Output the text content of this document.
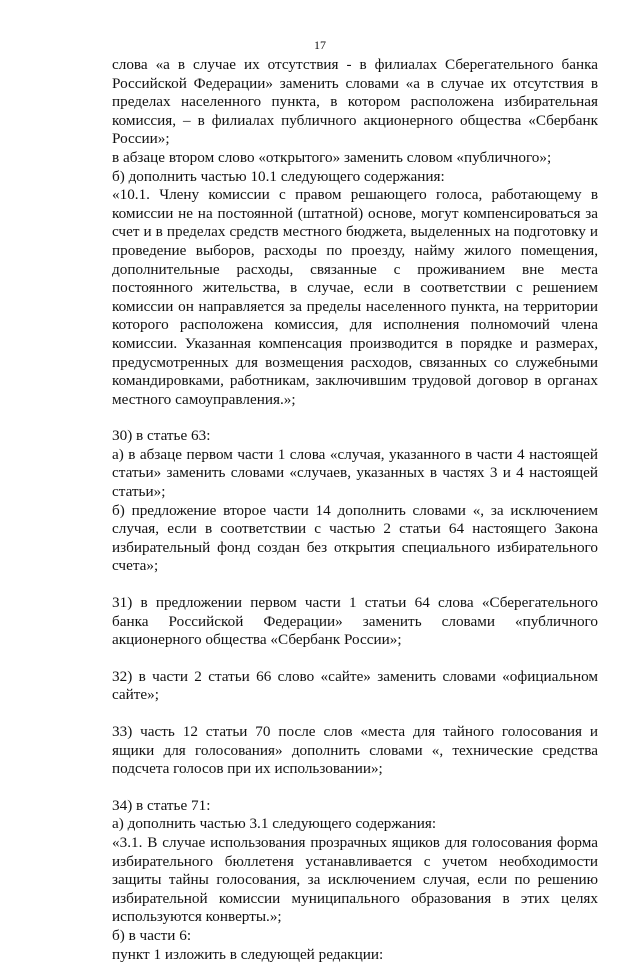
17

слова «а в случае их отсутствия - в филиалах Сберегательного банка Российской Федерации» заменить словами «а в случае их отсутствия в пределах населенного пункта, в котором расположена избирательная комиссия, – в филиалах публичного акционерного общества «Сбербанк России»;

в абзаце втором слово «открытого» заменить словом «публичного»;

б) дополнить частью 10.1 следующего содержания:

«10.1. Члену комиссии с правом решающего голоса, работающему в комиссии не на постоянной (штатной) основе, могут компенсироваться за счет и в пределах средств местного бюджета, выделенных на подготовку и проведение выборов, расходы по проезду, найму жилого помещения, дополнительные расходы, связанные с проживанием вне места постоянного жительства, в случае, если в соответствии с решением комиссии он направляется за пределы населенного пункта, на территории которого расположена комиссия, для исполнения полномочий члена комиссии. Указанная компенсация производится в порядке и размерах, предусмотренных для возмещения расходов, связанных со служебными командировками, работникам, заключившим трудовой договор в органах местного самоуправления.»;

30) в статье 63:

а) в абзаце первом части 1 слова «случая, указанного в части 4 настоящей статьи» заменить словами «случаев, указанных в частях 3 и 4 настоящей статьи»;

б) предложение второе части 14 дополнить словами «, за исключением случая, если в соответствии с частью 2 статьи 64 настоящего Закона избирательный фонд создан без открытия специального избирательного счета»;

31) в предложении первом части 1 статьи 64 слова «Сберегательного банка Российской Федерации» заменить словами «публичного акционерного общества «Сбербанк России»;

32) в части 2 статьи 66 слово «сайте» заменить словами «официальном сайте»;

33) часть 12 статьи 70 после слов «места для тайного голосования и ящики для голосования» дополнить словами «, технические средства подсчета голосов при их использовании»;

34) в статье 71:

а) дополнить частью 3.1 следующего содержания:

«3.1. В случае использования прозрачных ящиков для голосования форма избирательного бюллетеня устанавливается с учетом необходимости защиты тайны голосования, за исключением случая, если по решению избирательной комиссии муниципального образования в этих целях используются конверты.»;

б) в части 6:

пункт 1 изложить в следующей редакции:
